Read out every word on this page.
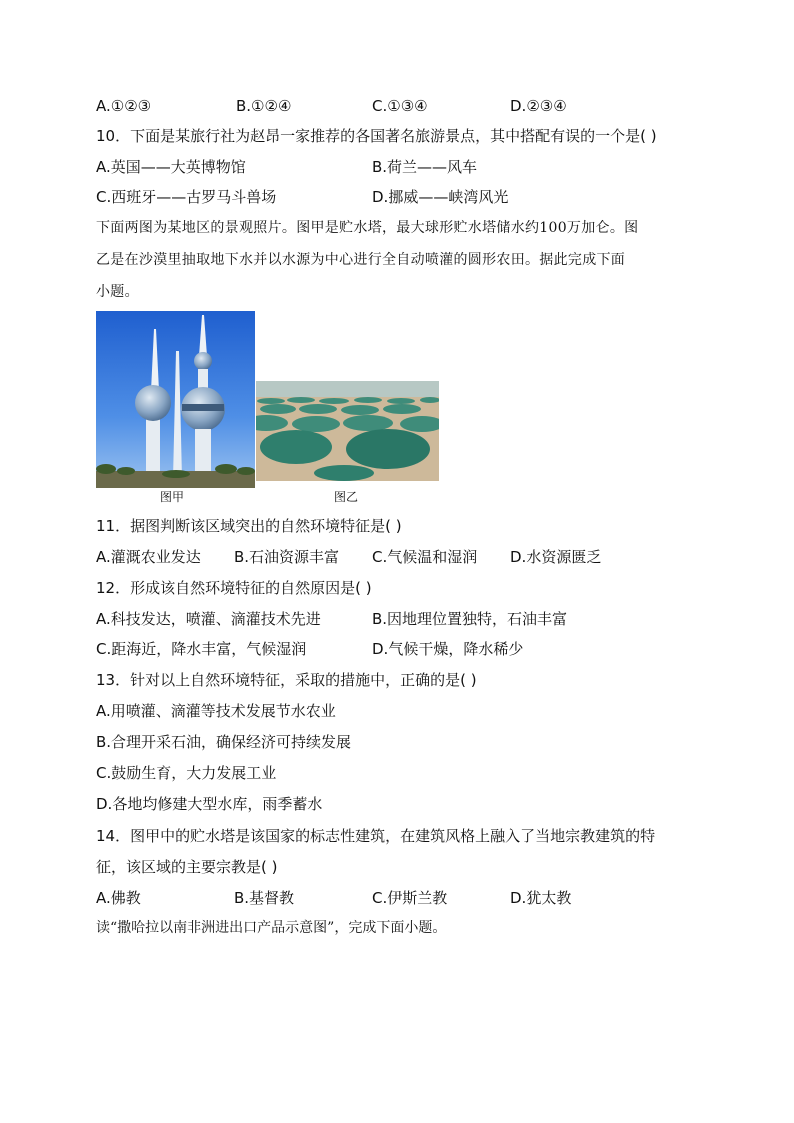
A.①②③	B.①②④	C.①③④	D.②③④
10．下面是某旅行社为赵昂一家推荐的各国著名旅游景点，其中搭配有误的一个是( )
A.英国——大英博物馆	B.荷兰——风车
C.西班牙——古罗马斗兽场	D.挪威——峡湾风光
下面两图为某地区的景观照片。图甲是贮水塔，最大球形贮水塔储水约100万加仑。图
乙是在沙漠里抽取地下水并以水源为中心进行全自动喷灌的圆形农田。据此完成下面
小题。
图甲	图乙
11．据图判断该区域突出的自然环境特征是( )
A.灌溉农业发达 B.石油资源丰富 C.气候温和湿润 D.水资源匮乏
12．形成该自然环境特征的自然原因是( )
A.科技发达，喷灌、滴灌技术先进	B.因地理位置独特，石油丰富
C.距海近，降水丰富，气候湿润	D.气候干燥，降水稀少
13．针对以上自然环境特征，采取的措施中，正确的是( )
A.用喷灌、滴灌等技术发展节水农业
B.合理开采石油，确保经济可持续发展
C.鼓励生育，大力发展工业
D.各地均修建大型水库，雨季蓄水
14．图甲中的贮水塔是该国家的标志性建筑，在建筑风格上融入了当地宗教建筑的特
征，该区域的主要宗教是( )
A.佛教	B.基督教	C.伊斯兰教	D.犹太教
读“撒哈拉以南非洲进出口产品示意图”，完成下面小题。
